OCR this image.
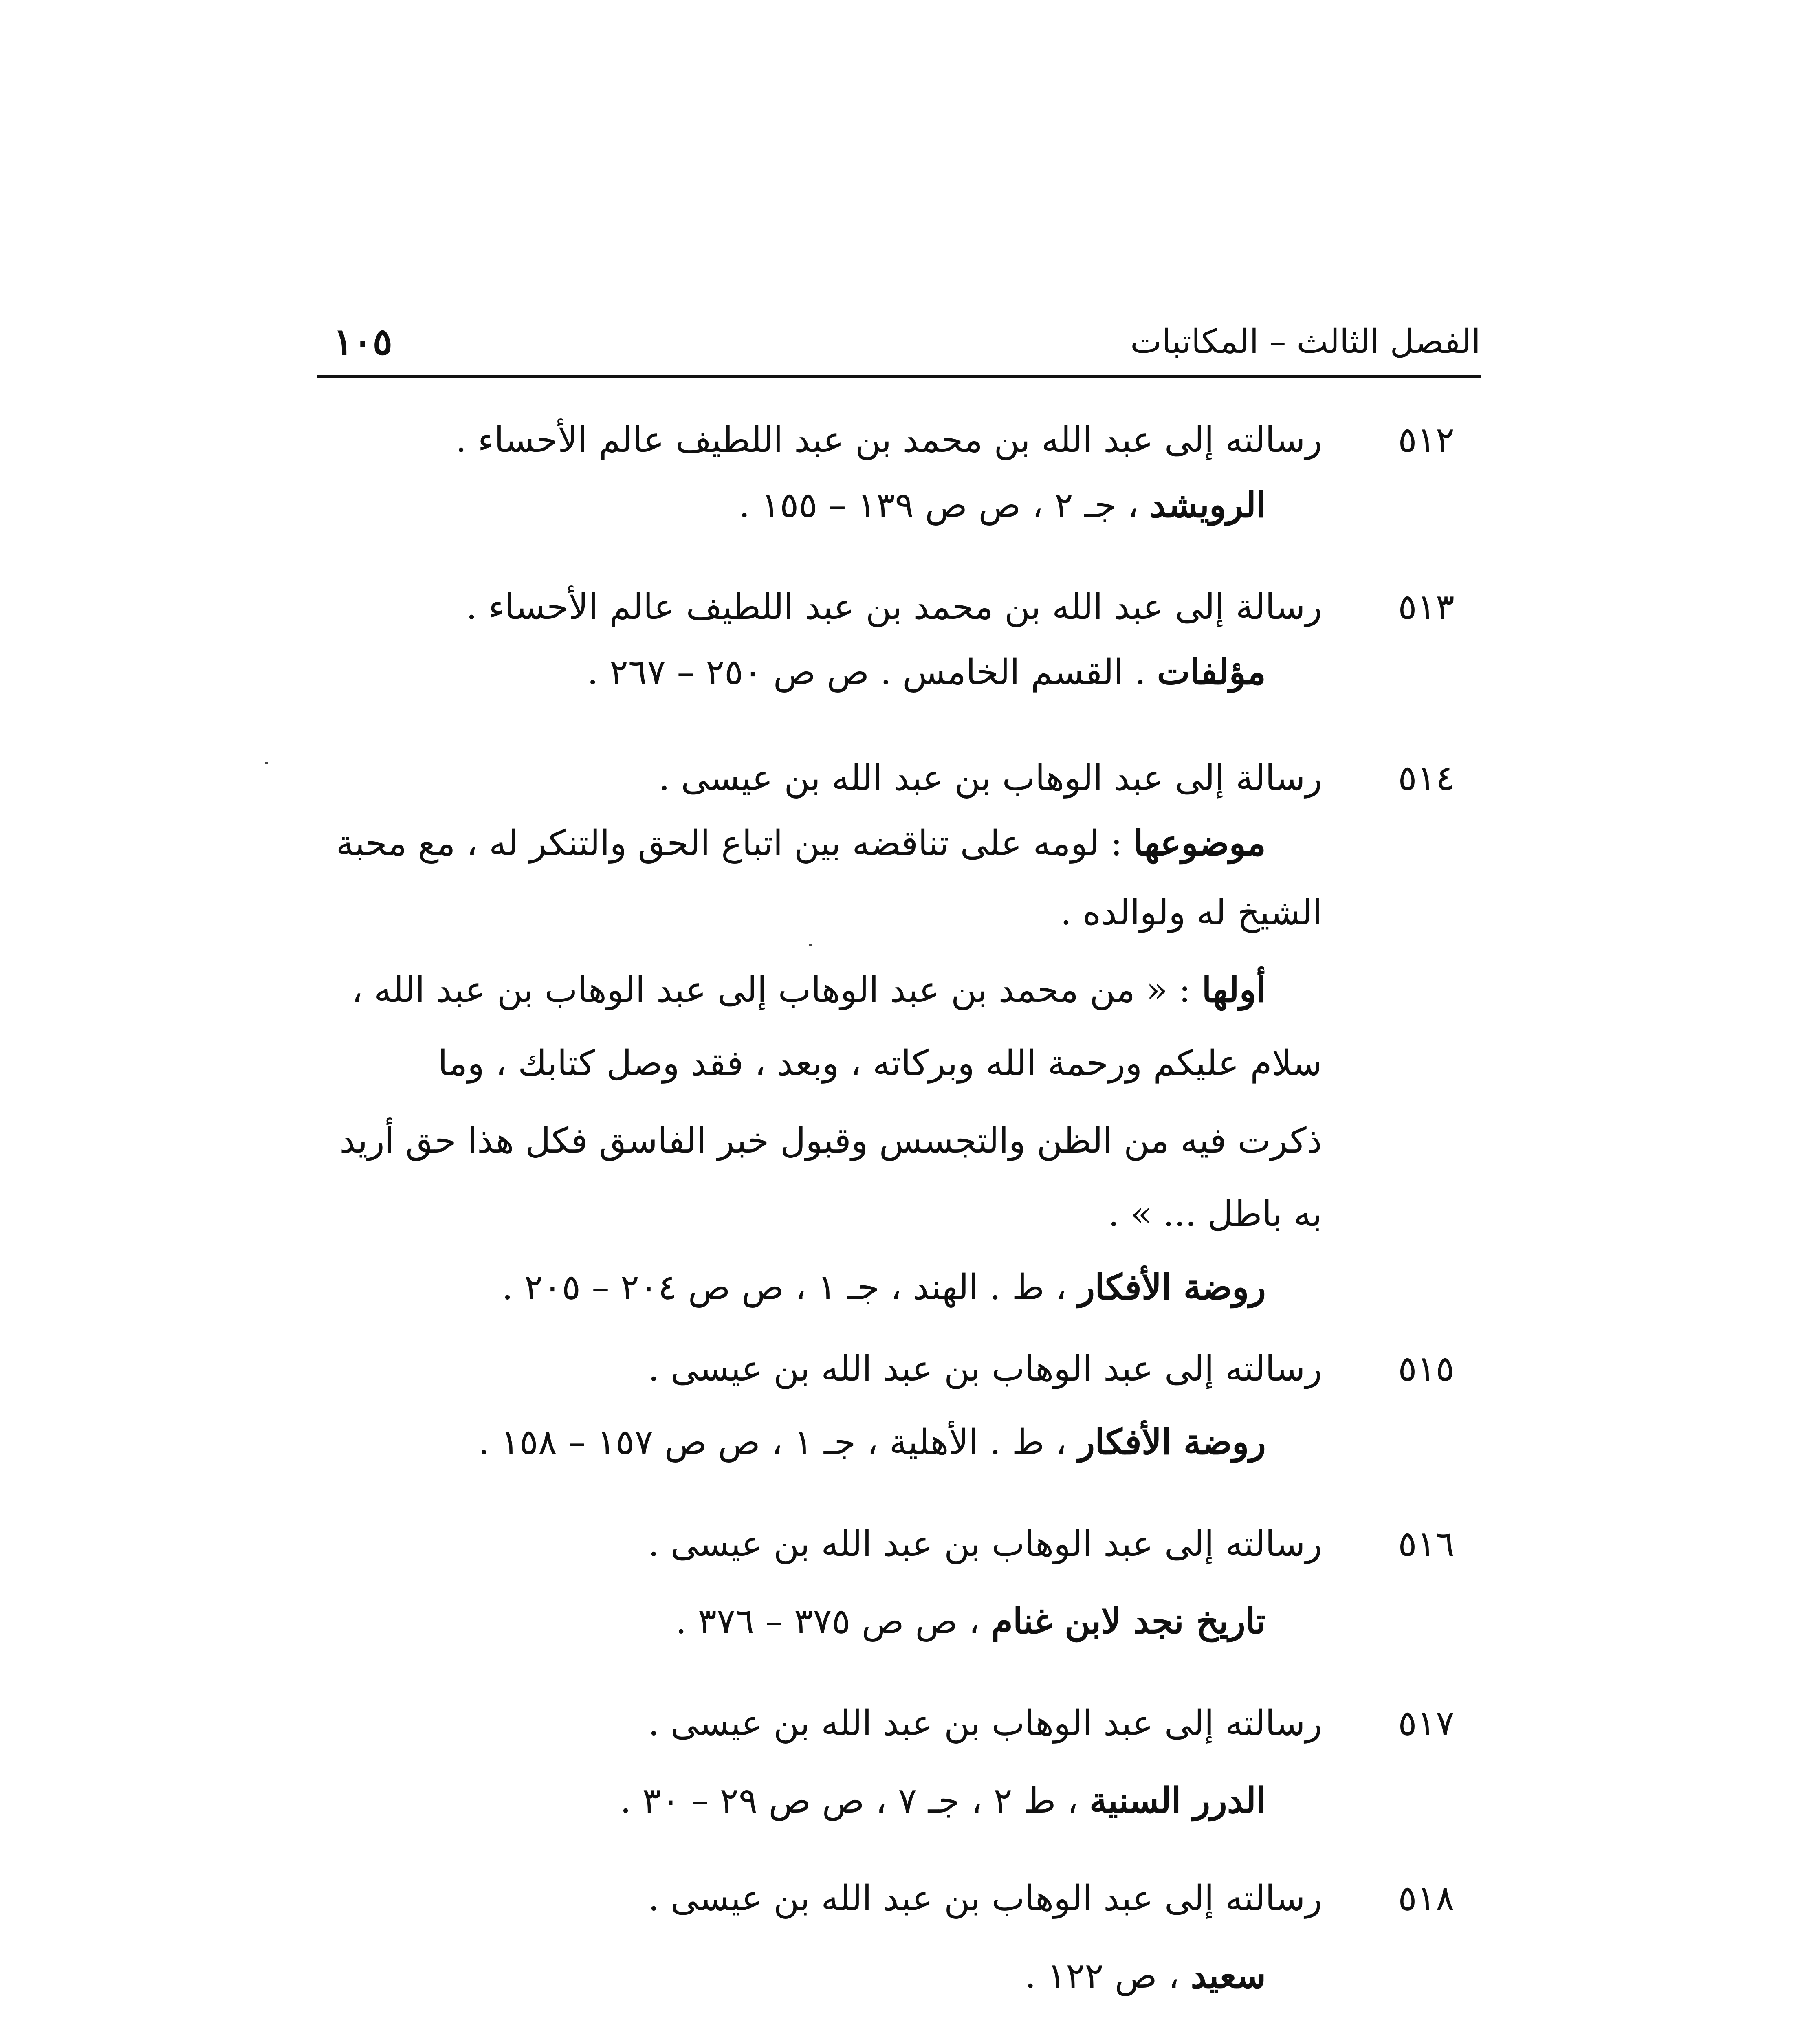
الفصل الثالث – المكاتبات
١٠٥
٥١٢
رسالته إلى عبد الله بن محمد بن عبد اللطيف عالم الأحساء .
الرويشد ، جـ ٢ ، ص ص ١٣٩ – ١٥٥ .
٥١٣
رسالة إلى عبد الله بن محمد بن عبد اللطيف عالم الأحساء .
مؤلفات . القسم الخامس . ص ص ٢٥٠ – ٢٦٧ .
٥١٤
رسالة إلى عبد الوهاب بن عبد الله بن عيسى .
موضوعها : لومه على تناقضه بين اتباع الحق والتنكر له ، مع محبة
الشيخ له ولوالده .
أولها : « من محمد بن عبد الوهاب إلى عبد الوهاب بن عبد الله ،
سلام عليكم ورحمة الله وبركاته ، وبعد ، فقد وصل كتابك ، وما
ذكرت فيه من الظن والتجسس وقبول خبر الفاسق فكل هذا حق أريد
به باطل ... » .
روضة الأفكار ، ط . الهند ، جـ ١ ، ص ص ٢٠٤ – ٢٠٥ .
٥١٥
رسالته إلى عبد الوهاب بن عبد الله بن عيسى .
روضة الأفكار ، ط . الأهلية ، جـ ١ ، ص ص ١٥٧ – ١٥٨ .
٥١٦
رسالته إلى عبد الوهاب بن عبد الله بن عيسى .
تاريخ نجد لابن غنام ، ص ص ٣٧٥ – ٣٧٦ .
٥١٧
رسالته إلى عبد الوهاب بن عبد الله بن عيسى .
الدرر السنية ، ط ٢ ، جـ ٧ ، ص ص ٢٩ – ٣٠ .
٥١٨
رسالته إلى عبد الوهاب بن عبد الله بن عيسى .
سعيد ، ص ١٢٢ .
